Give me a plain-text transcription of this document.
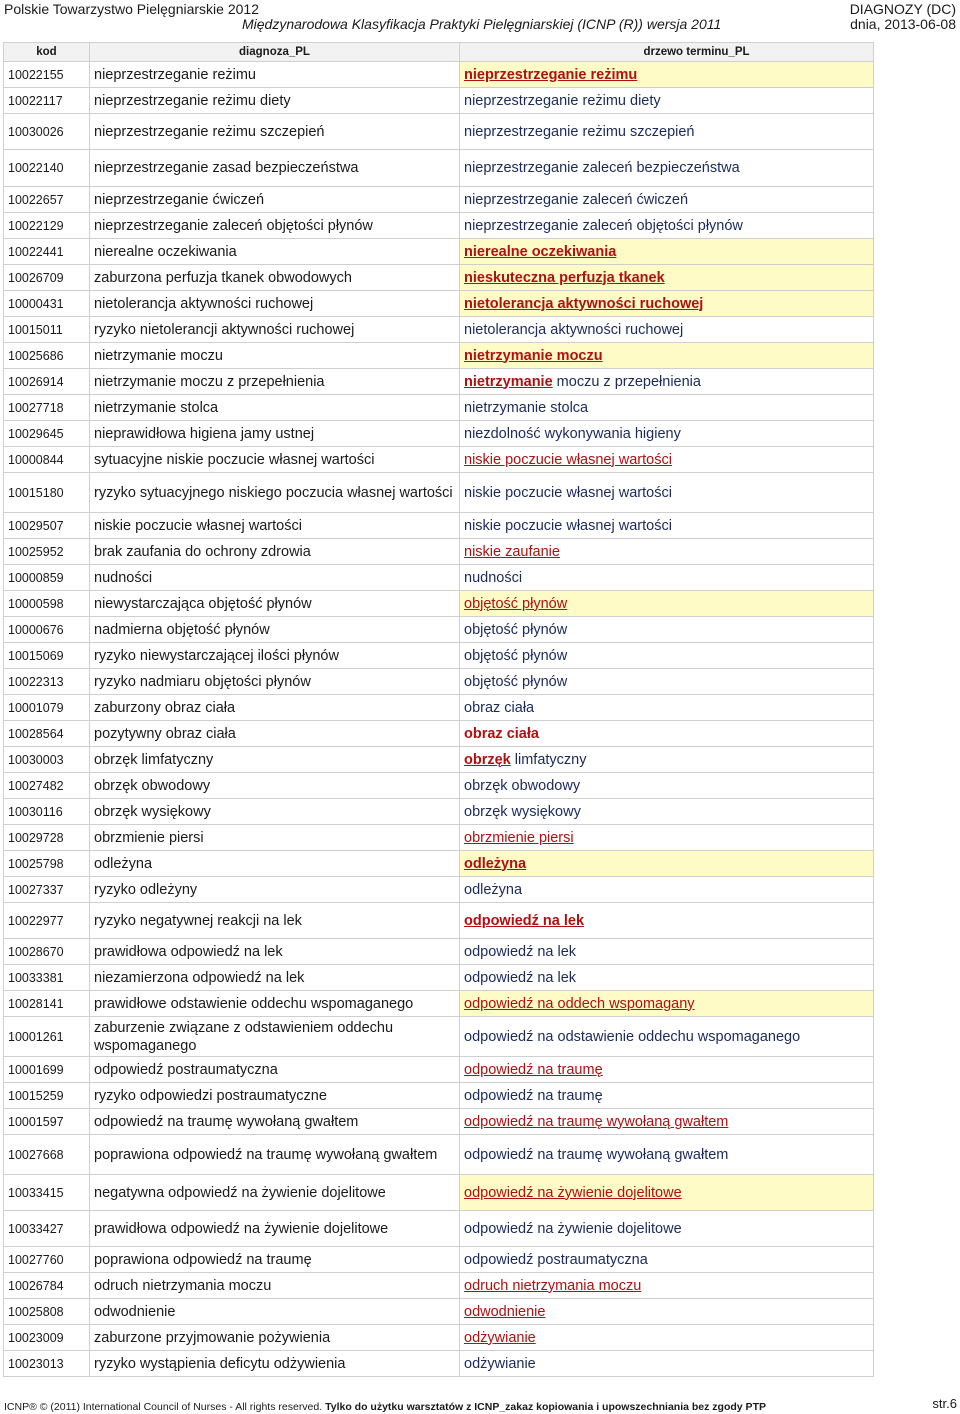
Polskie Towarzystwo Pielęgniarskie 2012
Międzynarodowa Klasyfikacja Praktyki Pielęgniarskiej (ICNP (R)) wersja 2011
DIAGNOZY (DC)
dnia, 2013-06-08
kod	diagnoza_PL	drzewo terminu_PL
10022155	nieprzestrzeganie reżimu	nieprzestrzeganie reżimu
10022117	nieprzestrzeganie reżimu diety	nieprzestrzeganie reżimu diety
10030026	nieprzestrzeganie reżimu szczepień	nieprzestrzeganie reżimu szczepień
10022140	nieprzestrzeganie zasad bezpieczeństwa	nieprzestrzeganie zaleceń bezpieczeństwa
10022657	nieprzestrzeganie ćwiczeń	nieprzestrzeganie zaleceń ćwiczeń
10022129	nieprzestrzeganie zaleceń objętości płynów	nieprzestrzeganie zaleceń objętości płynów
10022441	nierealne oczekiwania	nierealne oczekiwania
10026709	zaburzona perfuzja tkanek obwodowych	nieskuteczna perfuzja tkanek
10000431	nietolerancja aktywności ruchowej	nietolerancja aktywności ruchowej
10015011	ryzyko nietolerancji aktywności ruchowej	nietolerancja aktywności ruchowej
10025686	nietrzymanie moczu	nietrzymanie moczu
10026914	nietrzymanie moczu z przepełnienia	nietrzymanie moczu z przepełnienia
10027718	nietrzymanie stolca	nietrzymanie stolca
10029645	nieprawidłowa higiena jamy ustnej	niezdolność wykonywania higieny
10000844	sytuacyjne niskie poczucie własnej wartości	niskie poczucie własnej wartości
10015180	ryzyko sytuacyjnego niskiego poczucia własnej wartości	niskie poczucie własnej wartości
10029507	niskie poczucie własnej wartości	niskie poczucie własnej wartości
10025952	brak zaufania do ochrony zdrowia	niskie zaufanie
10000859	nudności	nudności
10000598	niewystarczająca objętość płynów	objętość płynów
10000676	nadmierna objętość płynów	objętość płynów
10015069	ryzyko niewystarczającej ilości płynów	objętość płynów
10022313	ryzyko nadmiaru objętości płynów	objętość płynów
10001079	zaburzony obraz ciała	obraz ciała
10028564	pozytywny obraz ciała	obraz ciała
10030003	obrzęk limfatyczny	obrzęk limfatyczny
10027482	obrzęk obwodowy	obrzęk obwodowy
10030116	obrzęk wysiękowy	obrzęk wysiękowy
10029728	obrzmienie piersi	obrzmienie piersi
10025798	odleżyna	odleżyna
10027337	ryzyko odleżyny	odleżyna
10022977	ryzyko negatywnej reakcji na lek	odpowiedź na lek
10028670	prawidłowa odpowiedź na lek	odpowiedź na lek
10033381	niezamierzona odpowiedź na lek	odpowiedź na lek
10028141	prawidłowe odstawienie oddechu wspomaganego	odpowiedź na oddech wspomagany
10001261	zaburzenie związane z odstawieniem oddechu wspomaganego	odpowiedź na odstawienie oddechu wspomaganego
10001699	odpowiedź postraumatyczna	odpowiedź na traumę
10015259	ryzyko odpowiedzi postraumatyczne	odpowiedź na traumę
10001597	odpowiedź na traumę wywołaną gwałtem	odpowiedź na traumę wywołaną gwałtem
10027668	poprawiona odpowiedź na traumę wywołaną gwałtem	odpowiedź na traumę wywołaną gwałtem
10033415	negatywna odpowiedź na żywienie dojelitowe	odpowiedź na żywienie dojelitowe
10033427	prawidłowa odpowiedź na żywienie dojelitowe	odpowiedź na żywienie dojelitowe
10027760	poprawiona odpowiedź na traumę	odpowiedź postraumatyczna
10026784	odruch nietrzymania moczu	odruch nietrzymania moczu
10025808	odwodnienie	odwodnienie
10023009	zaburzone przyjmowanie pożywienia	odżywianie
10023013	ryzyko wystąpienia deficytu odżywienia	odżywianie
ICNP® © (2011) International Council of Nurses - All rights reserved. Tylko do użytku warsztatów z ICNP_zakaz kopiowania i upowszechniania bez zgody PTP	str.6
